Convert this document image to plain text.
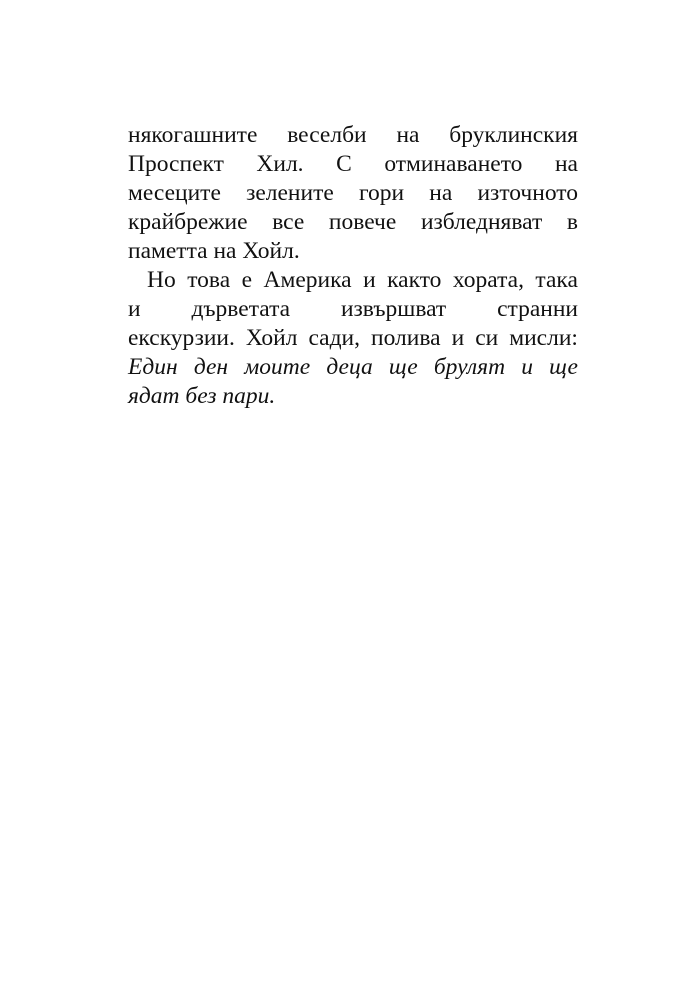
някогашните веселби на бруклинския
Проспект Хил. С отминаването на
месеците зелените гори на източното
крайбрежие все повече избледняват в
паметта на Хойл.
Но това е Америка и както хората, така
и дърветата извършват странни
екскурзии. Хойл сади, полива и си мисли:
Един ден моите деца ще брулят и ще
ядат без пари.
